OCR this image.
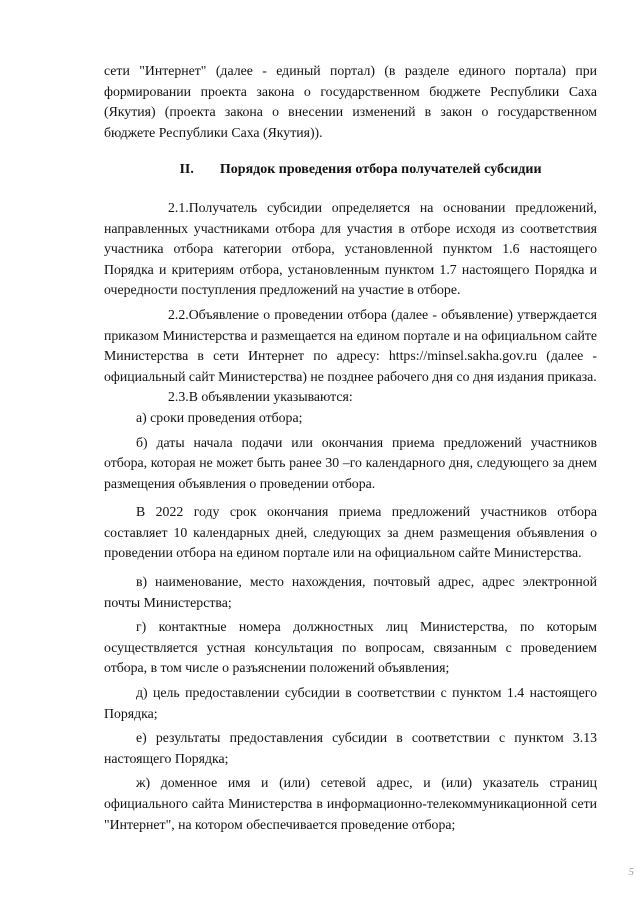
сети "Интернет" (далее - единый портал) (в разделе единого портала) при формировании проекта закона о государственном бюджете Республики Саха (Якутия) (проекта закона о внесении изменений в закон о государственном бюджете Республики Саха (Якутия)).

II. Порядок проведения отбора получателей субсидии

2.1.Получатель субсидии определяется на основании предложений, направленных участниками отбора для участия в отборе исходя из соответствия участника отбора категории отбора, установленной пунктом 1.6 настоящего Порядка и критериям отбора, установленным пунктом 1.7 настоящего Порядка и очередности поступления предложений на участие в отборе.

2.2.Объявление о проведении отбора (далее - объявление) утверждается приказом Министерства и размещается на едином портале и на официальном сайте Министерства в сети Интернет по адресу: https://minsel.sakha.gov.ru (далее - официальный сайт Министерства) не позднее рабочего дня со дня издания приказа.

2.3.В объявлении указываются:

а) сроки проведения отбора;

б) даты начала подачи или окончания приема предложений участников отбора, которая не может быть ранее 30 –го календарного дня, следующего за днем размещения объявления о проведении отбора.

В 2022 году срок окончания приема предложений участников отбора составляет 10 календарных дней, следующих за днем размещения объявления о проведении отбора на едином портале или на официальном сайте Министерства.

в) наименование, место нахождения, почтовый адрес, адрес электронной почты Министерства;

г) контактные номера должностных лиц Министерства, по которым осуществляется устная консультация по вопросам, связанным с проведением отбора, в том числе о разъяснении положений объявления;

д) цель предоставлении субсидии в соответствии с пунктом 1.4 настоящего Порядка;

е) результаты предоставления субсидии в соответствии с пунктом 3.13 настоящего Порядка;

ж) доменное имя и (или) сетевой адрес, и (или) указатель страниц официального сайта Министерства в информационно-телекоммуникационной сети "Интернет", на котором обеспечивается проведение отбора;

5
